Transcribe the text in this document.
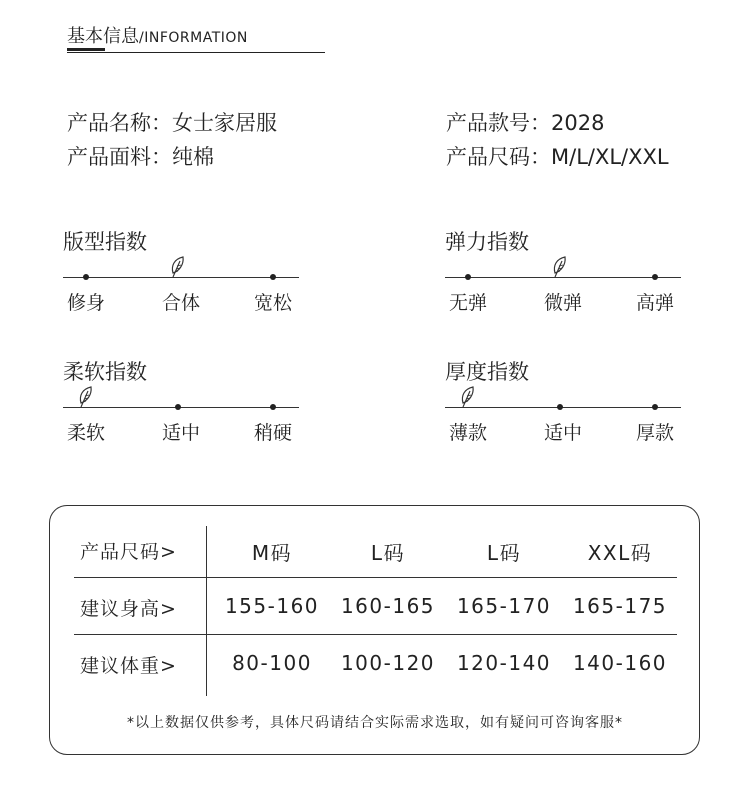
基本信息/INFORMATION
产品名称：女士家居服
产品面料：纯棉
产品款号：2028
产品尺码：M/L/XL/XXL
版型指数
修身	合体	宽松
弹力指数
无弹	微弹	高弹
柔软指数
柔软	适中	稍硬
厚度指数
薄款	适中	厚款
产品尺码>	M码	L码	L码	XXL码
建议身高> 155-160 160-165 165-170 165-175
建议体重>	80-100 100-120 120-140 140-160
*以上数据仅供参考，具体尺码请结合实际需求选取，如有疑问可咨询客服*
